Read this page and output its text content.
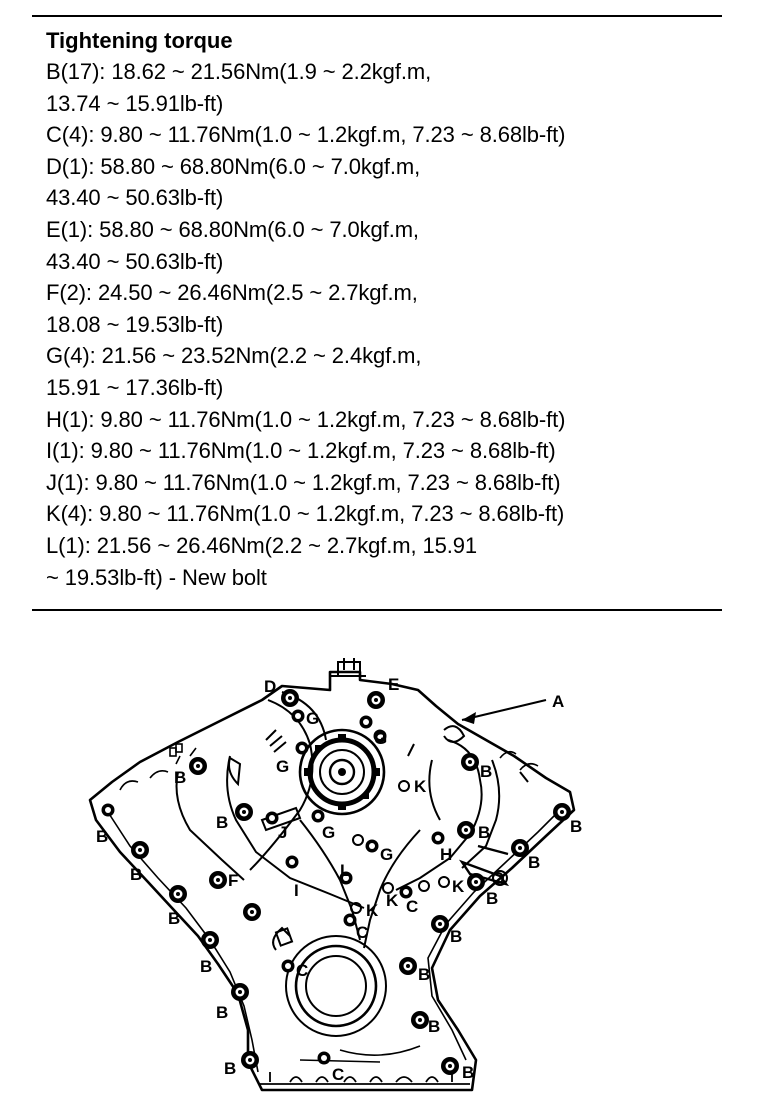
Tightening torque
B(17): 18.62 ~ 21.56Nm(1.9 ~ 2.2kgf.m,
13.74 ~ 15.91lb-ft)
C(4): 9.80 ~ 11.76Nm(1.0 ~ 1.2kgf.m, 7.23 ~ 8.68lb-ft)
D(1): 58.80 ~ 68.80Nm(6.0 ~ 7.0kgf.m,
43.40 ~ 50.63lb-ft)
E(1): 58.80 ~ 68.80Nm(6.0 ~ 7.0kgf.m,
43.40 ~ 50.63lb-ft)
F(2): 24.50 ~ 26.46Nm(2.5 ~ 2.7kgf.m,
18.08 ~ 19.53lb-ft)
G(4): 21.56 ~ 23.52Nm(2.2 ~ 2.4kgf.m,
15.91 ~ 17.36lb-ft)
H(1): 9.80 ~ 11.76Nm(1.0 ~ 1.2kgf.m, 7.23 ~ 8.68lb-ft)
I(1): 9.80 ~ 11.76Nm(1.0 ~ 1.2kgf.m, 7.23 ~ 8.68lb-ft)
J(1): 9.80 ~ 11.76Nm(1.0 ~ 1.2kgf.m, 7.23 ~ 8.68lb-ft)
K(4): 9.80 ~ 11.76Nm(1.0 ~ 1.2kgf.m, 7.23 ~ 8.68lb-ft)
L(1): 21.56 ~ 26.46Nm(2.2 ~ 2.7kgf.m, 15.91
~ 19.53lb-ft) - New bolt
A
D	E
F
B
B
B
B
B
B
B
B
B
B	B
B
B
B
B
B
B
G
G
G
G
G
J
I
L
H
K
K
K
K
C
C
C
C
